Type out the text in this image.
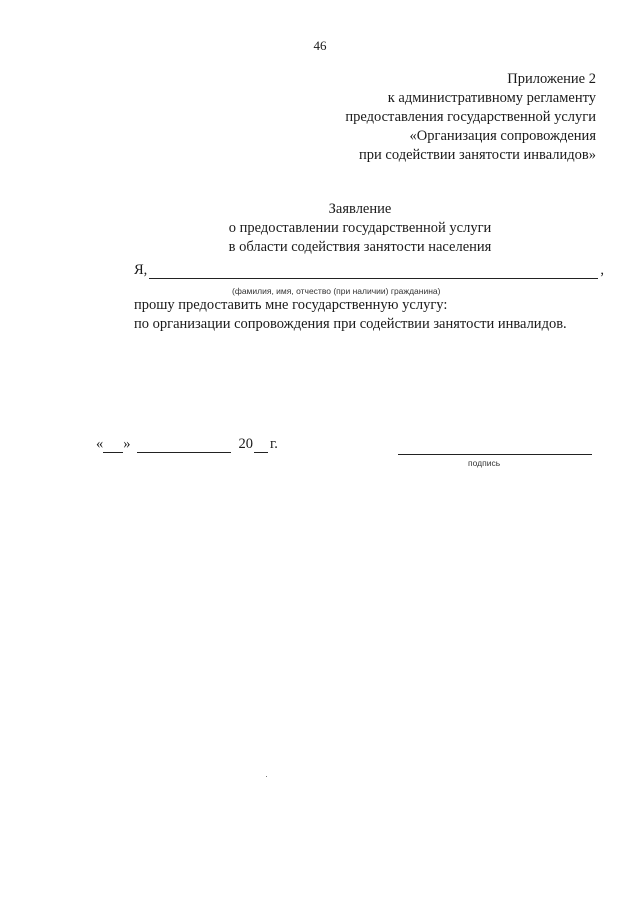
46
Приложение 2
к административному регламенту
предоставления государственной услуги
«Организация сопровождения
при содействии занятости инвалидов»
Заявление
о предоставлении государственной услуги
в области содействия занятости населения
Я,	,
(фамилия, имя, отчество (при наличии) гражданина)
прошу предоставить мне государственную услугу:
по организации сопровождения при содействии занятости инвалидов.
« »	20 г.
подпись
